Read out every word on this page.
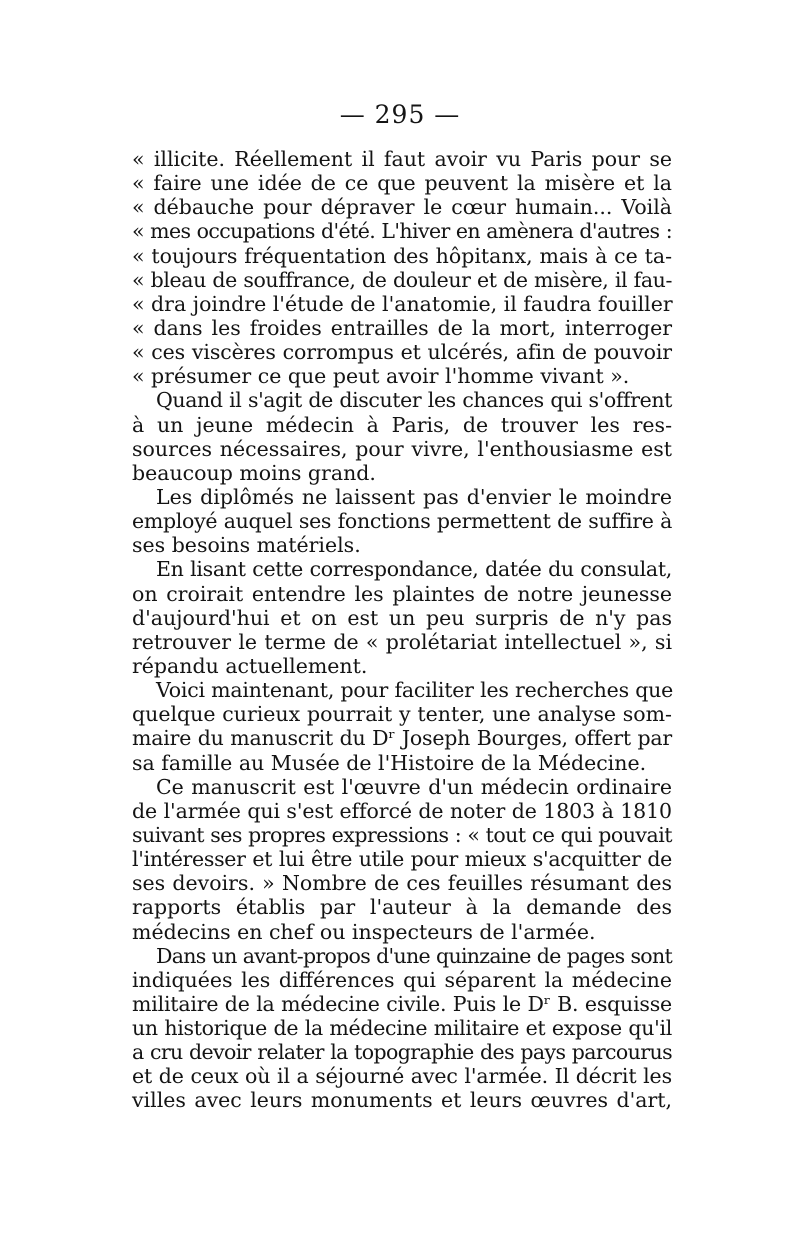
— 295 —
« illicite. Réellement il faut avoir vu Paris pour se
« faire une idée de ce que peuvent la misère et la
« débauche pour dépraver le cœur humain... Voilà
« mes occupations d'été. L'hiver en amènera d'autres :
« toujours fréquentation des hôpitanx, mais à ce ta-
« bleau de souffrance, de douleur et de misère, il fau-
« dra joindre l'étude de l'anatomie, il faudra fouiller
« dans les froides entrailles de la mort, interroger
« ces viscères corrompus et ulcérés, afin de pouvoir
« présumer ce que peut avoir l'homme vivant ».
Quand il s'agit de discuter les chances qui s'offrent
à un jeune médecin à Paris, de trouver les res-
sources nécessaires, pour vivre, l'enthousiasme est
beaucoup moins grand.
Les diplômés ne laissent pas d'envier le moindre
employé auquel ses fonctions permettent de suffire à
ses besoins matériels.
En lisant cette correspondance, datée du consulat,
on croirait entendre les plaintes de notre jeunesse
d'aujourd'hui et on est un peu surpris de n'y pas
retrouver le terme de « prolétariat intellectuel », si
répandu actuellement.
Voici maintenant, pour faciliter les recherches que
quelque curieux pourrait y tenter, une analyse som-
maire du manuscrit du Dʳ Joseph Bourges, offert par
sa famille au Musée de l'Histoire de la Médecine.
Ce manuscrit est l'œuvre d'un médecin ordinaire
de l'armée qui s'est efforcé de noter de 1803 à 1810
suivant ses propres expressions : « tout ce qui pouvait
l'intéresser et lui être utile pour mieux s'acquitter de
ses devoirs. » Nombre de ces feuilles résumant des
rapports établis par l'auteur à la demande des
médecins en chef ou inspecteurs de l'armée.
Dans un avant-propos d'une quinzaine de pages sont
indiquées les différences qui séparent la médecine
militaire de la médecine civile. Puis le Dʳ B. esquisse
un historique de la médecine militaire et expose qu'il
a cru devoir relater la topographie des pays parcourus
et de ceux où il a séjourné avec l'armée. Il décrit les
villes avec leurs monuments et leurs œuvres d'art,
